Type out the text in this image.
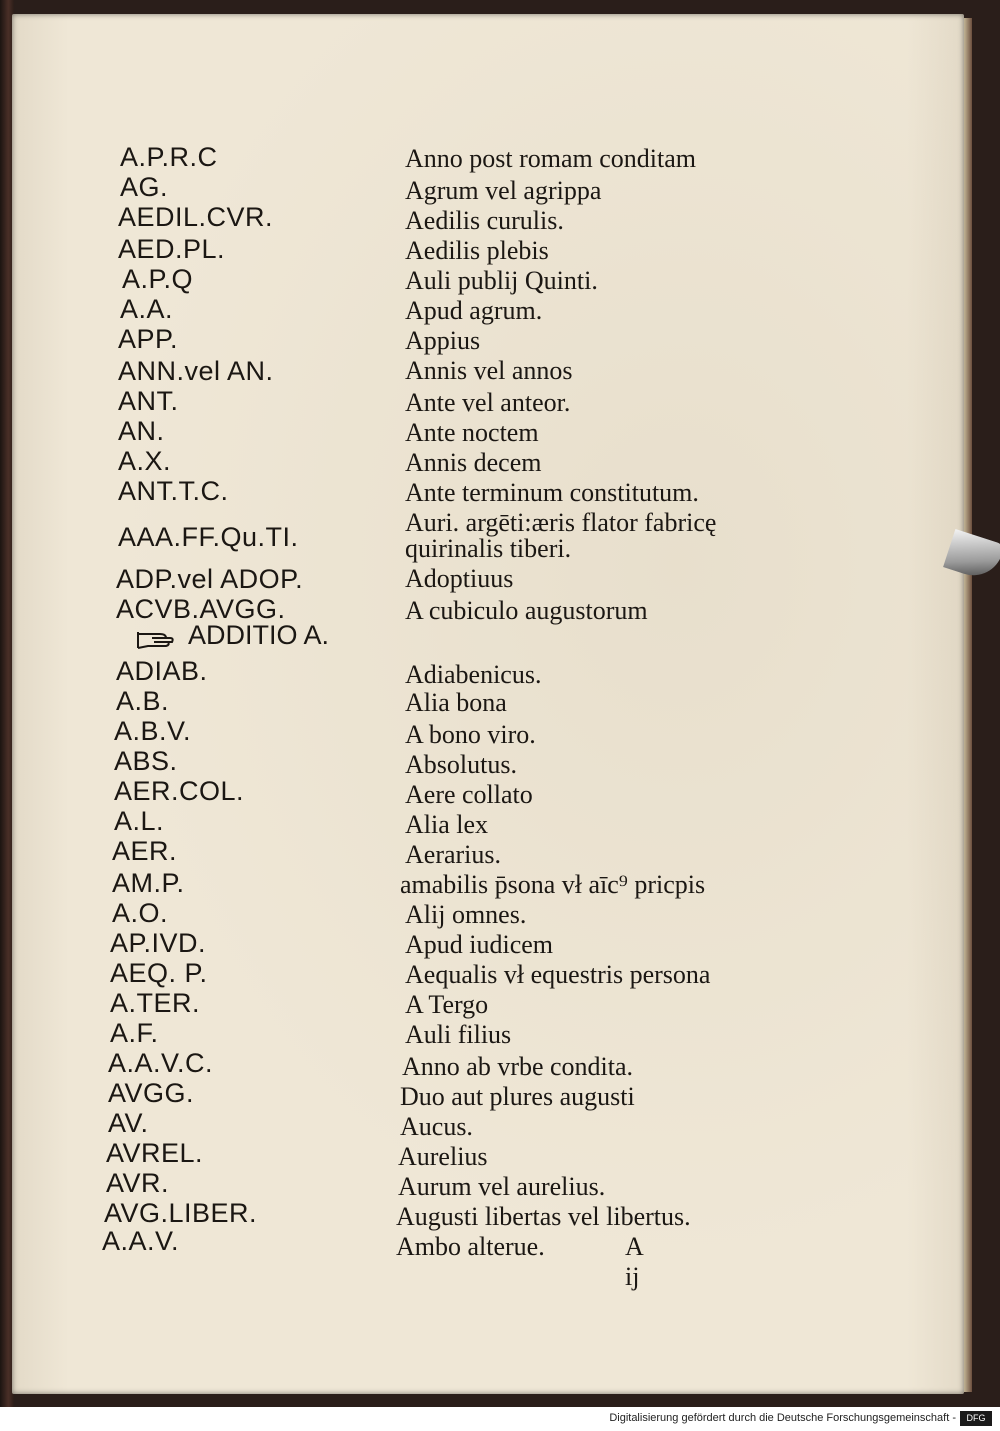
A.P.R.C	Anno post romam conditam
AG.	Agrum vel agrippa
AEDIL.CVR.	Aedilis curulis.
AED.PL.	Aedilis plebis
A.P.Q	Auli publij Quinti.
A.A.	Apud agrum.
APP.	Appius
ANN.vel AN.	Annis vel annos
ANT.	Ante vel anteor.
AN.	Ante noctem
A.X.	Annis decem
ANT.T.C.	Ante terminum constitutum.
AAA.FF.Qu.TI.	Auri. argēti:æris flator fabricę
quirinalis tiberi.
ADP.vel ADOP.	Adoptiuus
ACVB.AVGG.	A cubiculo augustorum
ADDITIO A.
ADIAB.	Adiabenicus.
A.B.	Alia bona
A.B.V.	A bono viro.
ABS.	Absolutus.
AER.COL.	Aere collato
A.L.	Alia lex
AER.	Aerarius.
AM.P.	amabilis p̄sona vł aīc⁹ pricpis
A.O.	Alij omnes.
AP.IVD.	Apud iudicem
AEQ. P.	Aequalis vł equestris persona
A.TER.	A Tergo
A.F.	Auli filius
A.A.V.C.	Anno ab vrbe condita.
AVGG.	Duo aut plures augusti
AV.	Aucus.
AVREL.	Aurelius
AVR.	Aurum vel aurelius.
AVG.LIBER.	Augusti libertas vel libertus.
A.A.V.	Ambo alterue.	A ij
Digitalisierung gefördert durch die Deutsche Forschungsgemeinschaft -	DFG
